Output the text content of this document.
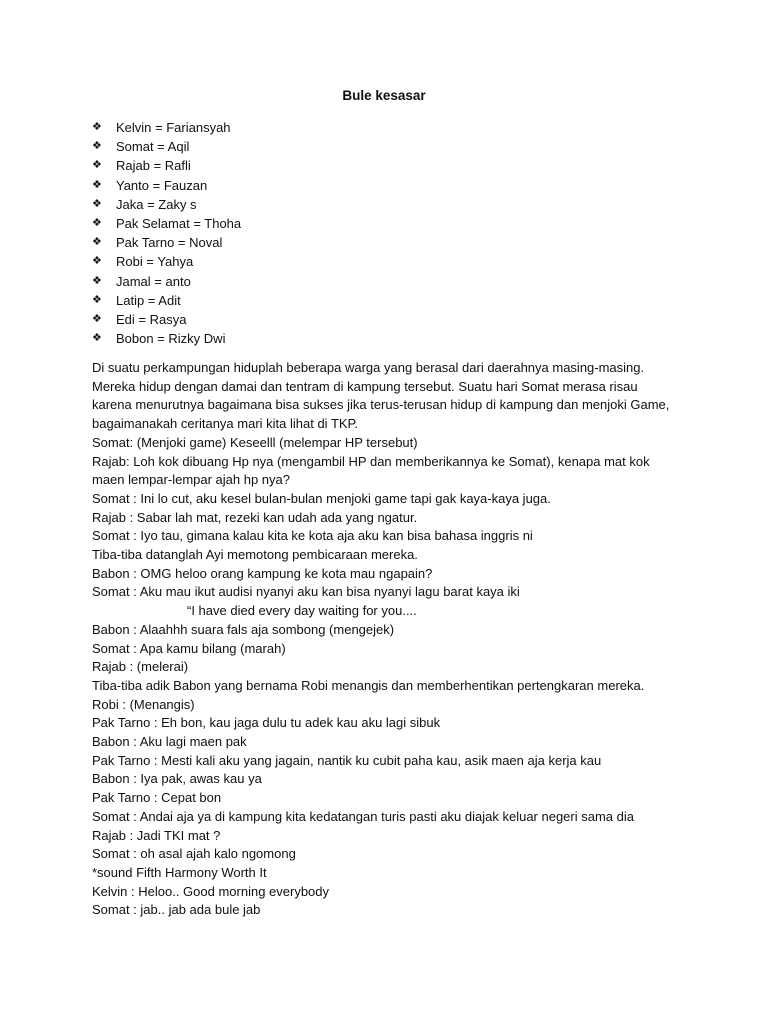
Bule kesasar
❖ Kelvin = Fariansyah
❖ Somat = Aqil
❖ Rajab = Rafli
❖ Yanto = Fauzan
❖ Jaka = Zaky s
❖ Pak Selamat = Thoha
❖ Pak Tarno = Noval
❖ Robi = Yahya
❖ Jamal = anto
❖ Latip = Adit
❖ Edi = Rasya
❖ Bobon = Rizky Dwi

Di suatu perkampungan hiduplah beberapa warga yang berasal dari daerahnya masing-masing.

Mereka hidup dengan damai dan tentram di kampung tersebut. Suatu hari Somat merasa risau

karena menurutnya bagaimana bisa sukses jika terus-terusan hidup di kampung dan menjoki Game,

bagaimanakah ceritanya mari kita lihat di TKP.

Somat: (Menjoki game) Keseelll (melempar HP tersebut)

Rajab: Loh kok dibuang Hp nya (mengambil HP dan memberikannya ke Somat), kenapa mat kok

maen lempar-lempar ajah hp nya?

Somat : Ini lo cut, aku kesel bulan-bulan menjoki game tapi gak kaya-kaya juga.

Rajab : Sabar lah mat, rezeki kan udah ada yang ngatur.

Somat : Iyo tau, gimana kalau kita ke kota aja aku kan bisa bahasa inggris ni

Tiba-tiba datanglah Ayi memotong pembicaraan mereka.

Babon : OMG heloo orang kampung ke kota mau ngapain?

Somat : Aku mau ikut audisi nyanyi aku kan bisa nyanyi lagu barat kaya iki

“I have died every day waiting for you....

Babon : Alaahhh suara fals aja sombong (mengejek)

Somat : Apa kamu bilang (marah)

Rajab : (melerai)

Tiba-tiba adik Babon yang bernama Robi menangis dan memberhentikan pertengkaran mereka.

Robi : (Menangis)

Pak Tarno : Eh bon, kau jaga dulu tu adek kau aku lagi sibuk

Babon : Aku lagi maen pak

Pak Tarno : Mesti kali aku yang jagain, nantik ku cubit paha kau, asik maen aja kerja kau

Babon : Iya pak, awas kau ya

Pak Tarno : Cepat bon

Somat : Andai aja ya di kampung kita kedatangan turis pasti aku diajak keluar negeri sama dia

Rajab : Jadi TKI mat ?

Somat : oh asal ajah kalo ngomong

*sound Fifth Harmony Worth It

Kelvin : Heloo.. Good morning everybody

Somat : jab.. jab ada bule jab
